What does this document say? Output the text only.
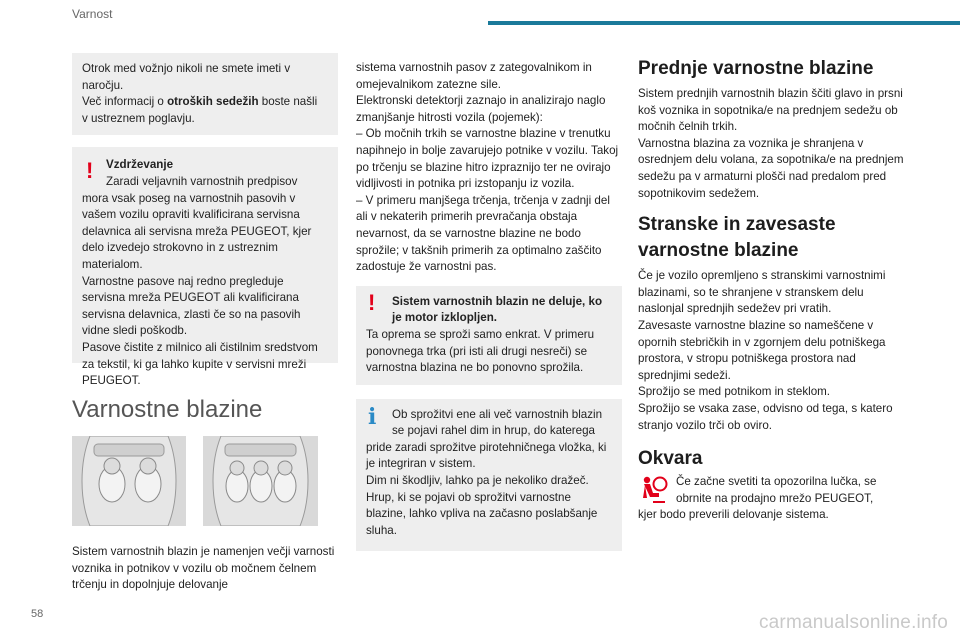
Varnost

Otrok med vožnjo nikoli ne smete imeti v

naročju.

Več informacij o otroških sedežih boste našli

v ustreznem poglavju.

!	Vzdrževanje

Zaradi veljavnih varnostnih predpisov

mora vsak poseg na varnostnih pasovih v vašem vozilu opraviti kvalificirana servisna delavnica ali servisna mreža PEUGEOT, kjer delo izvedejo strokovno in z ustreznim materialom.

Varnostne pasove naj redno pregleduje servisna mreža PEUGEOT ali kvalificirana servisna delavnica, zlasti če so na pasovih vidne sledi poškodb.

Pasove čistite z milnico ali čistilnim sredstvom za tekstil, ki ga lahko kupite v servisni mreži PEUGEOT.

Varnostne blazine

Sistem varnostnih blazin je namenjen večji varnosti voznika in potnikov v vozilu ob močnem čelnem trčenju in dopolnjuje delovanje

sistema varnostnih pasov z zategovalnikom in omejevalnikom zatezne sile.

Elektronski detektorji zaznajo in analizirajo naglo zmanjšanje hitrosti vozila (pojemek):

– Ob močnih trkih se varnostne blazine v trenutku napihnejo in bolje zavarujejo potnike v vozilu. Takoj po trčenju se blazine hitro izpraznijo ter ne ovirajo vidljivosti in potnika pri izstopanju iz vozila.

– V primeru manjšega trčenja, trčenja v zadnji del ali v nekaterih primerih prevračanja obstaja nevarnost, da se varnostne blazine ne bodo sprožile; v takšnih primerih za optimalno zaščito zadostuje že varnostni pas.

!	Sistem varnostnih blazin ne deluje, ko je motor izklopljen.

Ta oprema se sproži samo enkrat. V primeru ponovnega trka (pri isti ali drugi nesreči) se varnostna blazina ne bo ponovno sprožila.

i	Ob sprožitvi ene ali več varnostnih blazin se pojavi rahel dim in hrup, do katerega

pride zaradi sprožitve pirotehničnega vložka, ki je integriran v sistem.

Dim ni škodljiv, lahko pa je nekoliko dražeč.

Hrup, ki se pojavi ob sprožitvi varnostne blazine, lahko vpliva na začasno poslabšanje sluha.

Prednje varnostne blazine

Sistem prednjih varnostnih blazin ščiti glavo in prsni koš voznika in sopotnika/e na prednjem sedežu ob močnih čelnih trkih.

Varnostna blazina za voznika je shranjena v osrednjem delu volana, za sopotnika/e na prednjem sedežu pa v armaturni plošči nad predalom pred sopotnikovim sedežem.

Stranske in zavesaste
varnostne blazine

Če je vozilo opremljeno s stranskimi varnostnimi blazinami, so te shranjene v stranskem delu naslonjal sprednjih sedežev pri vratih.

Zavesaste varnostne blazine so nameščene v opornih stebričkih in v zgornjem delu potniškega prostora, v stropu potniškega prostora nad sprednjimi sedeži.

Sprožijo se med potnikom in steklom.

Sprožijo se vsaka zase, odvisno od tega, s katero stranjo vozilo trči ob oviro.

Okvara

Če začne svetiti ta opozorilna lučka, se

obrnite na prodajno mrežo PEUGEOT,

kjer bodo preverili delovanje sistema.

58	carmanualsonline.info
